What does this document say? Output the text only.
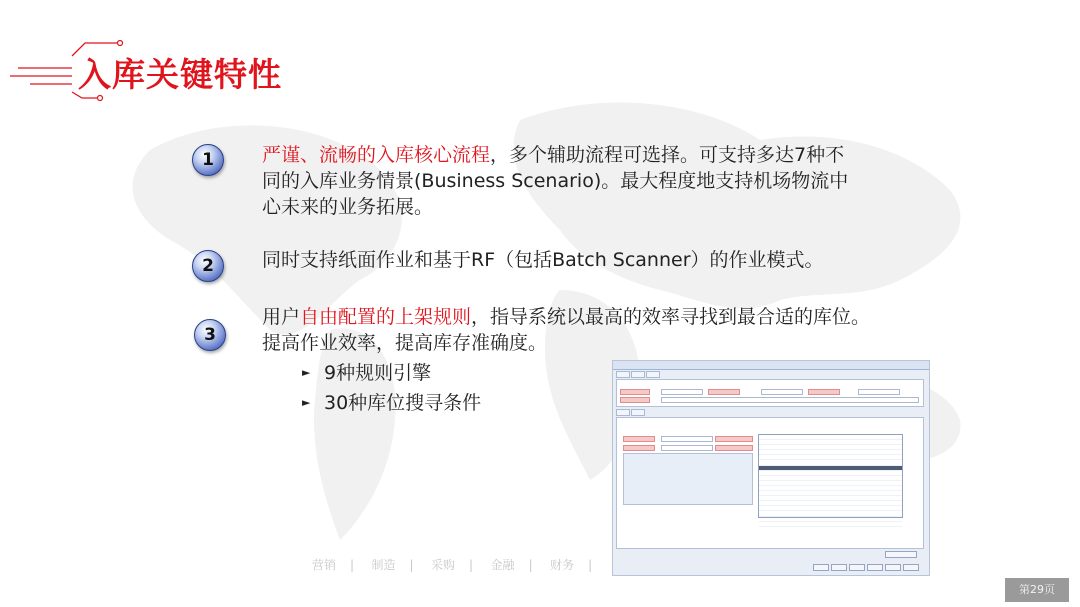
入库关键特性
1	严谨、流畅的入库核心流程，多个辅助流程可选择。可支持多达7种不
同的入库业务情景(Business Scenario)。最大程度地支持机场物流中
心未来的业务拓展。

2	同时支持纸面作业和基于RF（包括Batch Scanner）的作业模式。

3

用户自由配置的上架规则，指导系统以最高的效率寻找到最合适的库位。
提高作业效率，提高库存准确度。

► 9种规则引擎
► 30种库位搜寻条件
营销 |   制造 |   采购 |   金融 |   财务 |
第29页
